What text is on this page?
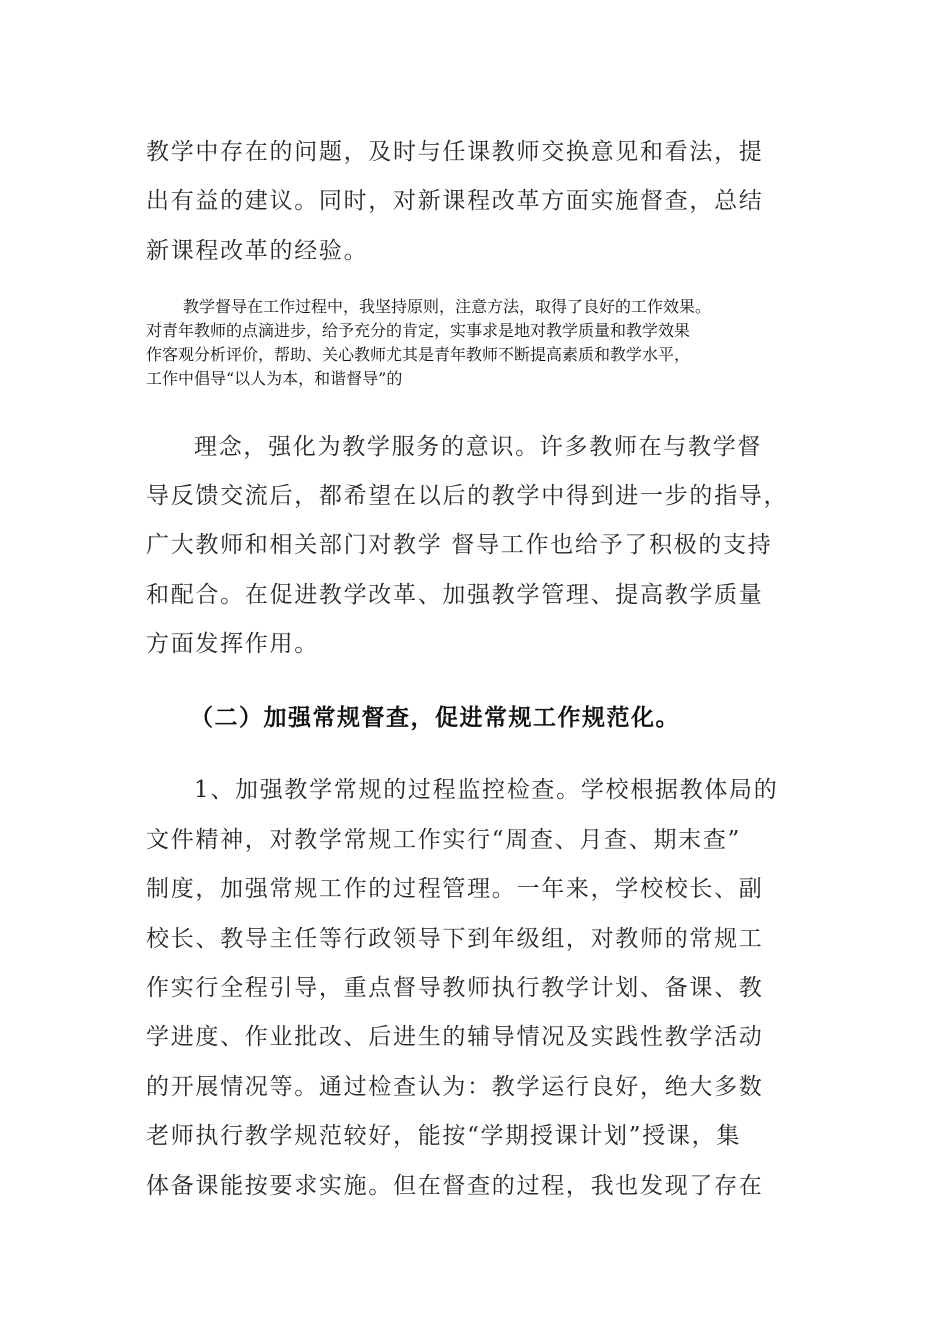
教学中存在的问题，及时与任课教师交换意见和看法，提
出有益的建议。同时，对新课程改革方面实施督查，总结
新课程改革的经验。
教学督导在工作过程中，我坚持原则，注意方法，取得了良好的工作效果。
对青年教师的点滴进步，给予充分的肯定，实事求是地对教学质量和教学效果
作客观分析评价，帮助、关心教师尤其是青年教师不断提高素质和教学水平，
工作中倡导“以人为本，和谐督导”的
理念，强化为教学服务的意识。许多教师在与教学督
导反馈交流后，都希望在以后的教学中得到进一步的指导，
广大教师和相关部门对教学 督导工作也给予了积极的支持
和配合。在促进教学改革、加强教学管理、提高教学质量
方面发挥作用。
（二）加强常规督查，促进常规工作规范化。
1、加强教学常规的过程监控检查。学校根据教体局的
文件精神，对教学常规工作实行“周查、月查、期末查”
制度，加强常规工作的过程管理。一年来，学校校长、副
校长、教导主任等行政领导下到年级组，对教师的常规工
作实行全程引导，重点督导教师执行教学计划、备课、教
学进度、作业批改、后进生的辅导情况及实践性教学活动
的开展情况等。通过检查认为：教学运行良好，绝大多数
老师执行教学规范较好，能按“学期授课计划”授课，集
体备课能按要求实施。但在督查的过程，我也发现了存在
